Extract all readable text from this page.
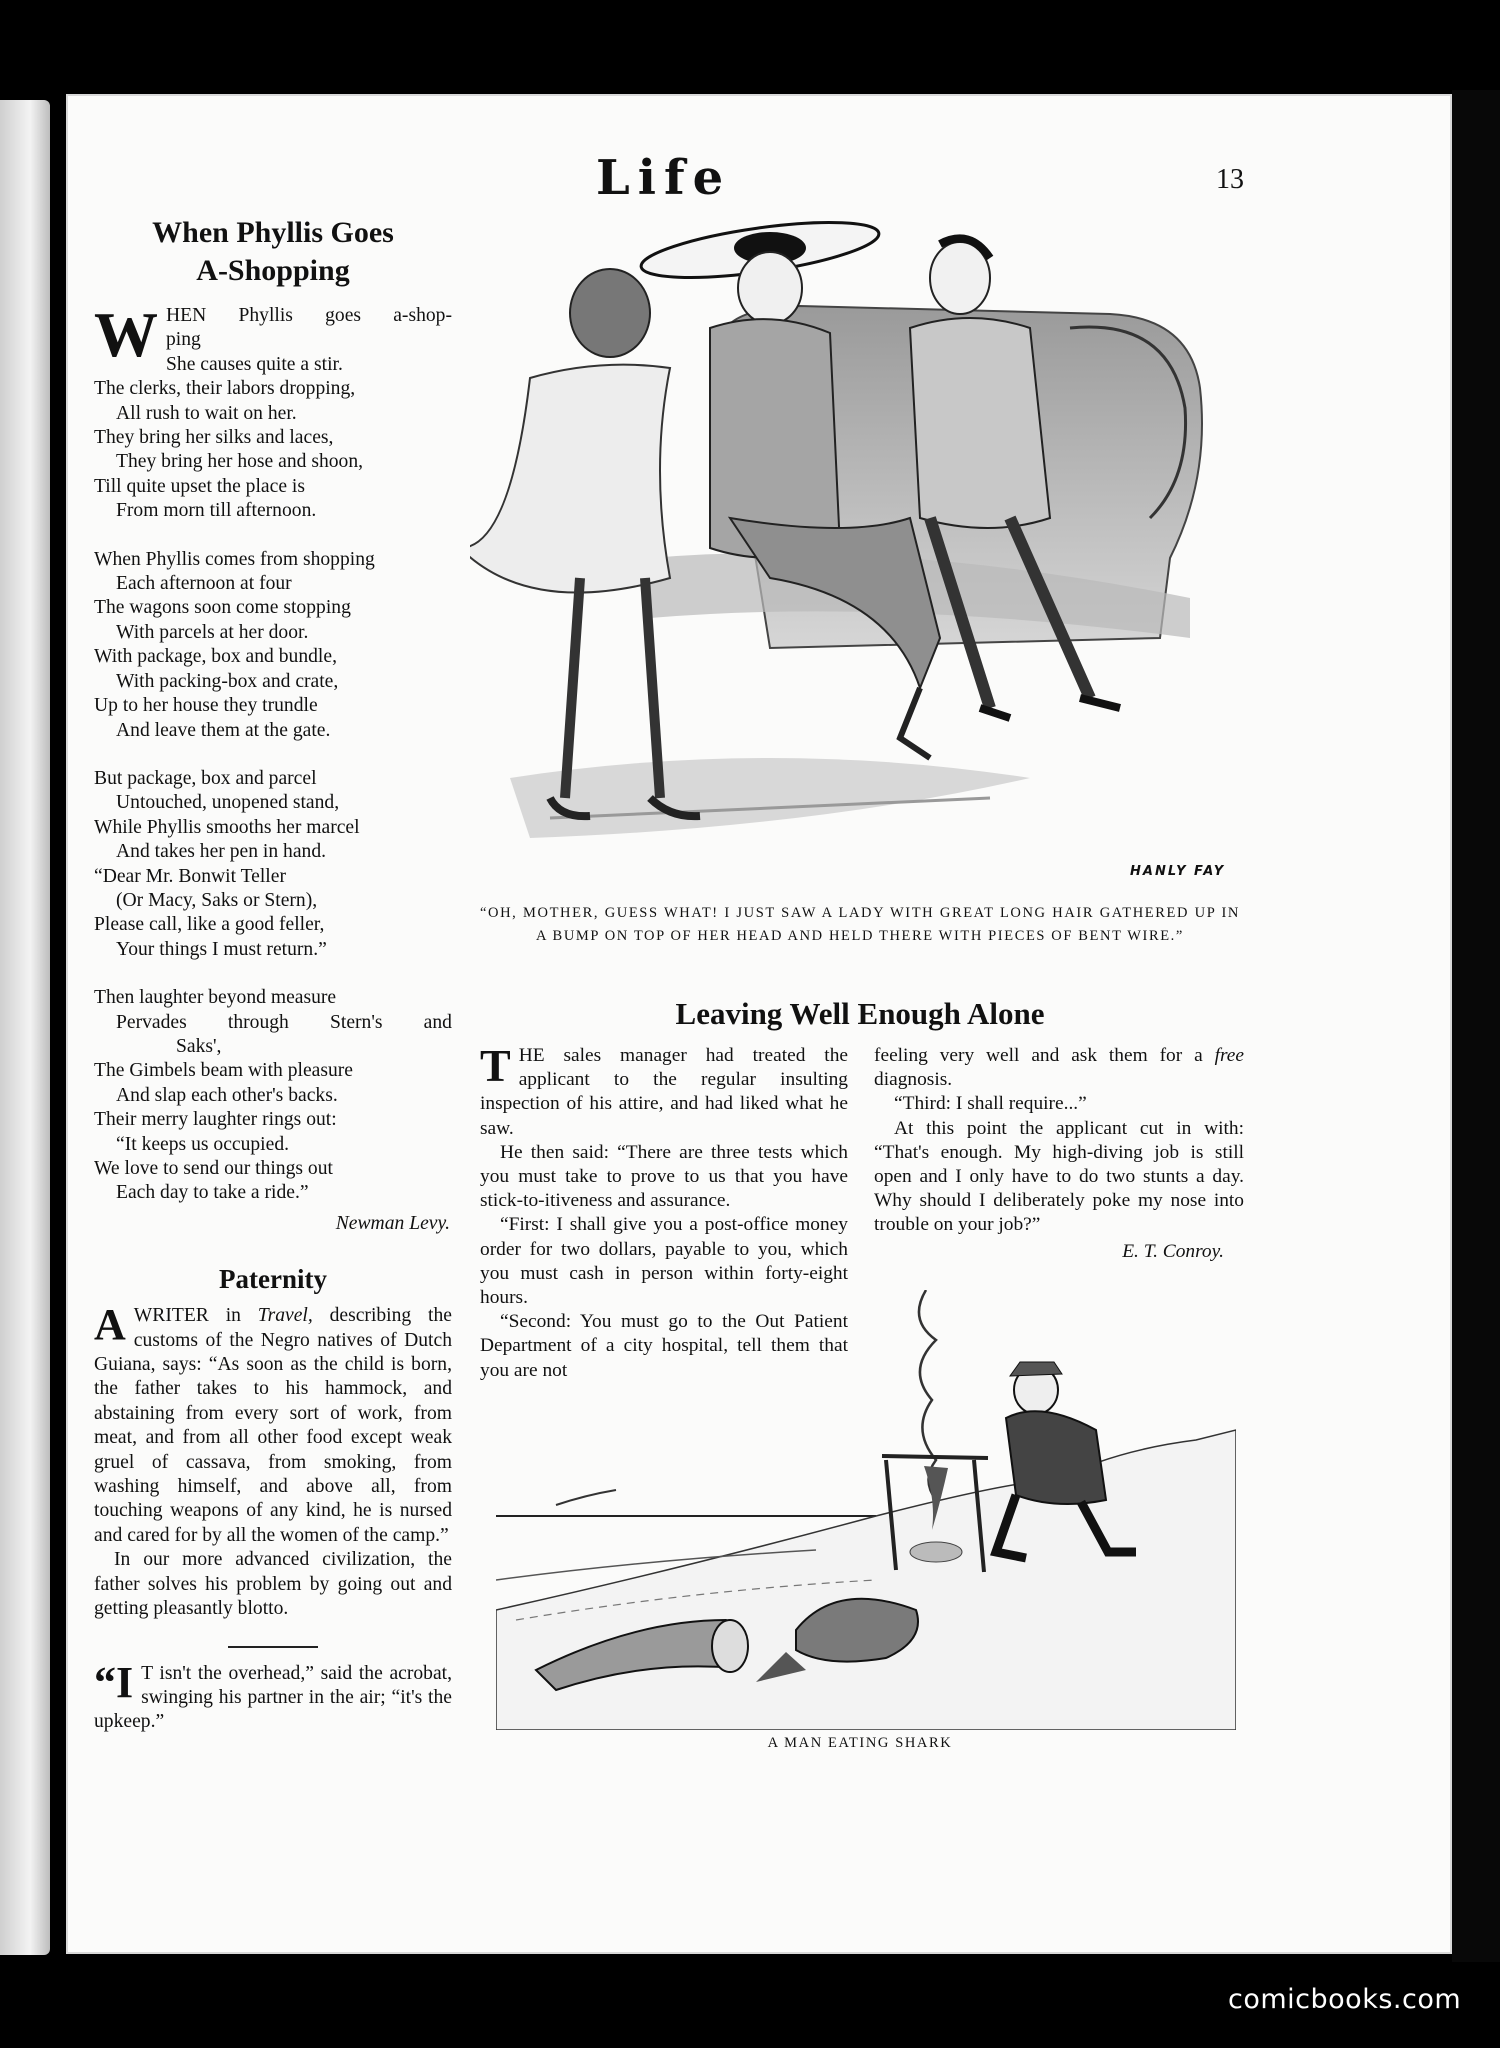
Life	13
When Phyllis Goes
A-Shopping
W HEN Phyllis goes a-shop-
ping
She causes quite a stir.
The clerks, their labors dropping,
All rush to wait on her.
They bring her silks and laces,
They bring her hose and shoon,
Till quite upset the place is
From morn till afternoon.
When Phyllis comes from shopping
Each afternoon at four
The wagons soon come stopping
With parcels at her door.
With package, box and bundle,
With packing-box and crate,
Up to her house they trundle
And leave them at the gate.
But package, box and parcel
Untouched, unopened stand,
While Phyllis smooths her marcel
And takes her pen in hand.
“Dear Mr. Bonwit Teller
(Or Macy, Saks or Stern),
Please call, like a good feller,
Your things I must return.”
Then laughter beyond measure
Pervades through Stern's and
Saks',
The Gimbels beam with pleasure
And slap each other's backs.
Their merry laughter rings out:
“It keeps us occupied.
We love to send our things out
Each day to take a ride.”
Newman Levy.
Paternity

AWRITER in Travel, describing the customs of the Negro natives of Dutch Guiana, says: “As soon as the child is born, the father takes to his hammock, and abstaining from every sort of work, from meat, and from all other food except weak gruel of cassava, from smoking, from washing himself, and above all, from touching weapons of any kind, he is nursed and cared for by all the women of the camp.”

In our more advanced civilization, the father solves his problem by going out and getting pleasantly blotto.

“I T isn't the overhead,” said the acrobat, swinging his partner in the air; “it's the upkeep.”

HANLY FAY
“OH, MOTHER, GUESS WHAT! I JUST SAW A LADY WITH GREAT LONG HAIR GATHERED UP IN A BUMP ON TOP OF HER HEAD AND HELD THERE WITH PIECES OF BENT WIRE.”
Leaving Well Enough Alone

THE sales manager had treated the applicant to the regular insulting inspection of his attire, and had liked what he saw.

He then said: “There are three tests which you must take to prove to us that you have stick-to-itiveness and assurance.

“First: I shall give you a post-office money order for two dollars, payable to you, which you must cash in person within forty-eight hours.

“Second: You must go to the Out Patient Department of a city hospital, tell them that you are not

feeling very well and ask them for a free diagnosis.

“Third: I shall require...”

At this point the applicant cut in with: “That's enough. My high-diving job is still open and I only have to do two stunts a day. Why should I deliberately poke my nose into trouble on your job?”

E. T. Conroy.
A MAN EATING SHARK
comicbooks.com
